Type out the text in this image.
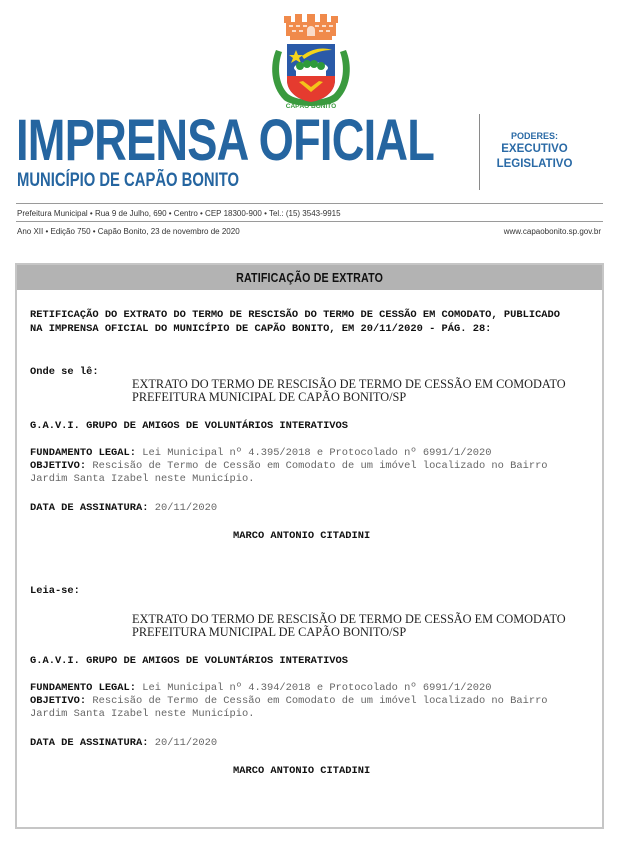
CAPÃO BONITO
IMPRENSA OFICIAL
MUNICÍPIO DE CAPÃO BONITO
PODERES:
EXECUTIVO
LEGISLATIVO
Prefeitura Municipal • Rua 9 de Julho, 690 • Centro • CEP 18300-900 • Tel.: (15) 3543-9915
Ano XII • Edição 750 • Capão Bonito, 23 de novembro de 2020	www.capaobonito.sp.gov.br
RATIFICAÇÃO DE EXTRATO
RETIFICAÇÃO DO EXTRATO DO TERMO DE RESCISÃO DO TERMO DE CESSÃO EM COMODATO, PUBLICADO
NA IMPRENSA OFICIAL DO MUNICÍPIO DE CAPÃO BONITO, EM 20/11/2020 - PÁG. 28:
Onde se lê:
EXTRATO DO TERMO DE RESCISÃO DE TERMO DE CESSÃO EM COMODATO
PREFEITURA MUNICIPAL DE CAPÃO BONITO/SP
G.A.V.I. GRUPO DE AMIGOS DE VOLUNTÁRIOS INTERATIVOS
FUNDAMENTO LEGAL: Lei Municipal nº 4.395/2018 e Protocolado nº 6991/1/2020
OBJETIVO: Rescisão de Termo de Cessão em Comodato de um imóvel localizado no Bairro
Jardim Santa Izabel neste Município.
DATA DE ASSINATURA: 20/11/2020
MARCO ANTONIO CITADINI
Leia-se:
EXTRATO DO TERMO DE RESCISÃO DE TERMO DE CESSÃO EM COMODATO
PREFEITURA MUNICIPAL DE CAPÃO BONITO/SP
G.A.V.I. GRUPO DE AMIGOS DE VOLUNTÁRIOS INTERATIVOS
FUNDAMENTO LEGAL: Lei Municipal nº 4.394/2018 e Protocolado nº 6991/1/2020
OBJETIVO: Rescisão de Termo de Cessão em Comodato de um imóvel localizado no Bairro
Jardim Santa Izabel neste Município.
DATA DE ASSINATURA: 20/11/2020
MARCO ANTONIO CITADINI
